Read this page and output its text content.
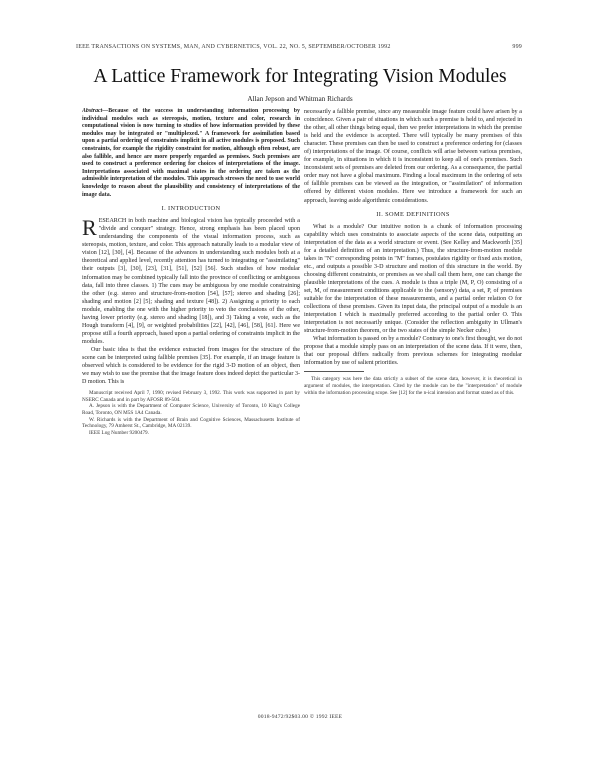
IEEE TRANSACTIONS ON SYSTEMS, MAN, AND CYBERNETICS, VOL. 22, NO. 5, SEPTEMBER/OCTOBER 1992	999
A Lattice Framework for Integrating Vision Modules
Allan Jepson and Whitman Richards

Abstract—Because of the success in understanding information processing by individual modules such as stereopsis, motion, texture and color, research in computational vision is now turning to studies of how information provided by these modules may be integrated or "multiplexed." A framework for assimilation based upon a partial ordering of constraints implicit in all active modules is proposed. Such constraints, for example the rigidity constraint for motion, although often robust, are also fallible, and hence are more properly regarded as premises. Such premises are used to construct a preference ordering for choices of interpretations of the image. Interpretations associated with maximal states in the ordering are taken as the admissible interpretation of the modules. This approach stresses the need to use world knowledge to reason about the plausibility and consistency of interpretations of the image data.

I. INTRODUCTION

RESEARCH in both machine and biological vision has typically proceeded with a "divide and conquer" strategy. Hence, strong emphasis has been placed upon understanding the components of the visual information process, such as stereopsis, motion, texture, and color. This approach naturally leads to a modular view of vision [12], [30], [4]. Because of the advances in understanding such modules both at a theoretical and applied level, recently attention has turned to integrating or "assimilating" their outputs [3], [30], [23], [31], [51], [52] [56]. Such studies of how modular information may be combined typically fall into the province of conflicting or ambiguous data, fall into three classes. 1) The cues may be ambiguous by one module constraining the other (e.g. stereo and structure-from-motion [54], [57]; stereo and shading [26]; shading and motion [2] [5]; shading and texture [48]). 2) Assigning a priority to each module, enabling the one with the higher priority to veto the conclusions of the other, having lower priority (e.g. stereo and shading [18]), and 3) Taking a vote, such as the Hough transform [4], [9], or weighted probabilities [22], [42], [46], [58], [61]. Here we propose still a fourth approach, based upon a partial ordering of constraints implicit in the modules.

Our basic idea is that the evidence extracted from images for the structure of the scene can be interpreted using fallible premises [35]. For example, if an image feature is observed which is considered to be evidence for the rigid 3-D motion of an object, then we may wish to use the premise that the image feature does indeed depict the particular 3-D motion. This is

Manuscript received April 7, 1990; revised February 3, 1992. This work was supported in part by NSERC Canada and in part by AFOSR 89-504.

A. Jepson is with the Department of Computer Science, University of Toronto, 10 King's College Road, Toronto, ON M5S 1A4 Canada.

W. Richards is with the Department of Brain and Cognitive Sciences, Massachusetts Institute of Technology, 79 Amherst St., Cambridge, MA 02139.

IEEE Log Number 9200479.

necessarily a fallible premise, since any measurable image feature could have arisen by a coincidence. Given a pair of situations in which such a premise is held to, and rejected in the other, all other things being equal, then we prefer interpretations in which the premise is held and the evidence is accepted. There will typically be many premises of this character. These premises can then be used to construct a preference ordering for (classes of) interpretations of the image. Of course, conflicts will arise between various premises, for example, in situations in which it is inconsistent to keep all of one's premises. Such inconsistent sets of premises are deleted from our ordering. As a consequence, the partial order may not have a global maximum. Finding a local maximum in the ordering of sets of fallible premises can be viewed as the integration, or "assimilation" of information offered by different vision modules. Here we introduce a framework for such an approach, leaving aside algorithmic considerations.

II. SOME DEFINITIONS

What is a module? Our intuitive notion is a chunk of information processing capability which uses constraints to associate aspects of the scene data, outputting an interpretation of the data as a world structure or event. (See Kelley and Mackworth [35] for a detailed definition of an interpretation.) Thus, the structure-from-motion module takes in "N" corresponding points in "M" frames, postulates rigidity or fixed axis motion, etc., and outputs a possible 3-D structure and motion of this structure in the world. By choosing different constraints, or premises as we shall call them here, one can change the plausible interpretations of the cues. A module is thus a triple (M, P, O) consisting of a set, M, of measurement conditions applicable to the (sensory) data, a set, P, of premises suitable for the interpretation of these measurements, and a partial order relation O for collections of these premises. Given its input data, the principal output of a module is an interpretation I which is maximally preferred according to the partial order O. This interpretation is not necessarily unique. (Consider the reflection ambiguity in Ullman's structure-from-motion theorem, or the two states of the simple Necker cube.)

What information is passed on by a module? Contrary to one's first thought, we do not propose that a module simply pass on an interpretation of the scene data. If it were, then, that our proposal differs radically from previous schemes for integrating modular information by use of salient priorities.

This category was here the data strictly a subset of the scene data, however, it is theoretical in argument of modules, the interpretation. Cited by the module can be the "interpretation" of module within the information processing scope. See [12] for the n-ical intension and format stated as of this.

0018-9472/92$03.00 © 1992 IEEE
